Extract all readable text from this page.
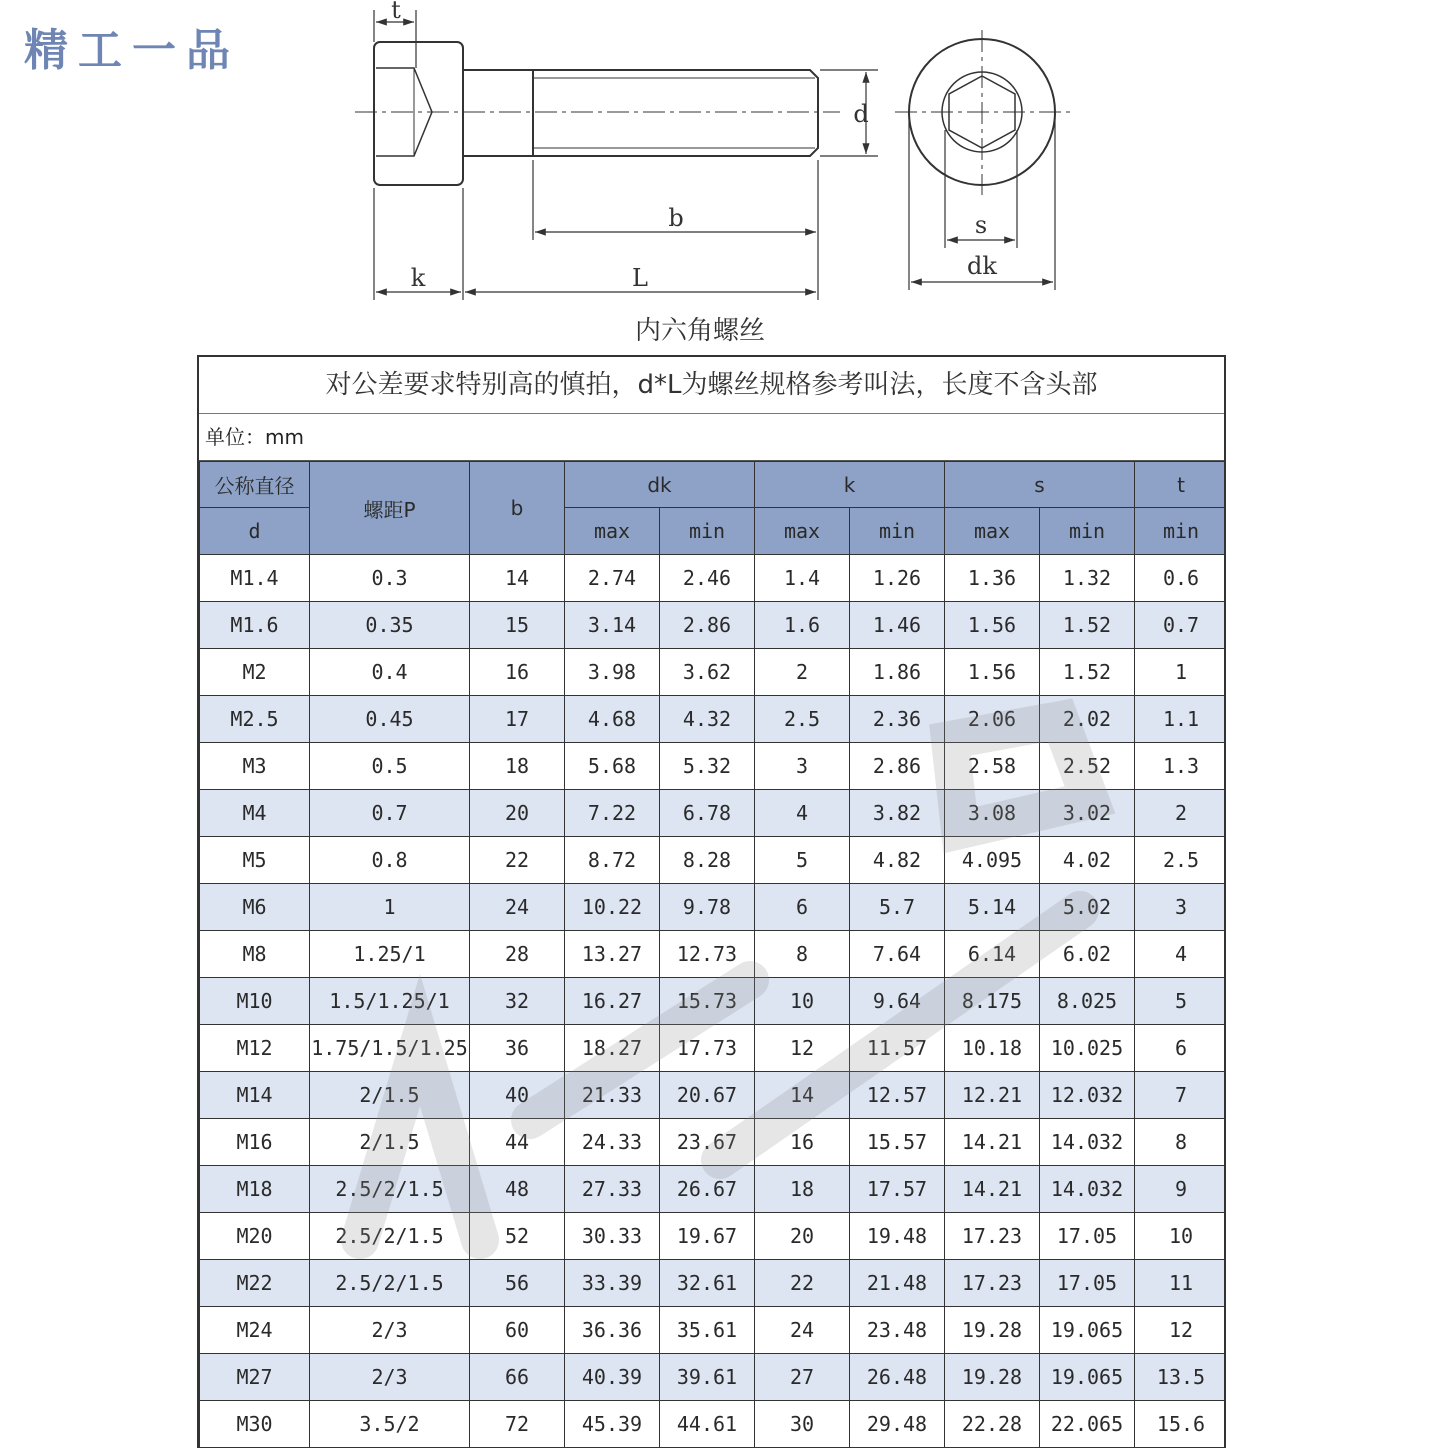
精工一品
t
d
b
k	L
s
dk
内六角螺丝
对公差要求特别高的慎拍，d*L为螺丝规格参考叫法，长度不含头部
单位：mm
公称直径	螺距P	b	dk		k		s		t
d			max	min	max	min	max	min	min
M1.4	0.3	14	2.74	2.46	1.4	1.26	1.36	1.32	0.6
M1.6	0.35	15	3.14	2.86	1.6	1.46	1.56	1.52	0.7
M2	0.4	16	3.98	3.62	2	1.86	1.56	1.52	1
M2.5	0.45	17	4.68	4.32	2.5	2.36	2.06	2.02	1.1
M3	0.5	18	5.68	5.32	3	2.86	2.58	2.52	1.3
M4	0.7	20	7.22	6.78	4	3.82	3.08	3.02	2
M5	0.8	22	8.72	8.28	5	4.82	4.095	4.02	2.5
M6	1	24	10.22	9.78	6	5.7	5.14	5.02	3
M8	1.25/1	28	13.27	12.73	8	7.64	6.14	6.02	4
M10	1.5/1.25/1	32	16.27	15.73	10	9.64	8.175	8.025	5
M12	1.75/1.5/1.25	36	18.27	17.73	12	11.57	10.18	10.025	6
M14	2/1.5	40	21.33	20.67	14	12.57	12.21	12.032	7
M16	2/1.5	44	24.33	23.67	16	15.57	14.21	14.032	8
M18	2.5/2/1.5	48	27.33	26.67	18	17.57	14.21	14.032	9
M20	2.5/2/1.5	52	30.33	19.67	20	19.48	17.23	17.05	10
M22	2.5/2/1.5	56	33.39	32.61	22	21.48	17.23	17.05	11
M24	2/3	60	36.36	35.61	24	23.48	19.28	19.065	12
M27	2/3	66	40.39	39.61	27	26.48	19.28	19.065	13.5
M30	3.5/2	72	45.39	44.61	30	29.48	22.28	22.065	15.6
